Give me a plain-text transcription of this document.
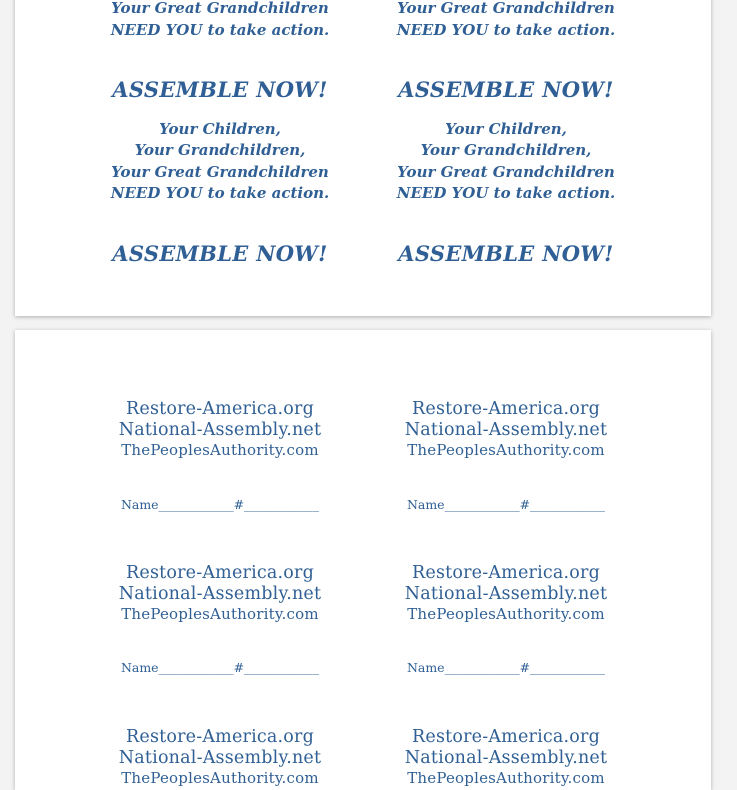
Your Great Grandchildren
NEED YOU to take action.
ASSEMBLE NOW!
Your Great Grandchildren
NEED YOU to take action.
ASSEMBLE NOW!
Your Children,
Your Grandchildren,
Your Great Grandchildren
NEED YOU to take action.
ASSEMBLE NOW!
Your Children,
Your Grandchildren,
Your Great Grandchildren
NEED YOU to take action.
ASSEMBLE NOW!
Restore-America.org
National-Assembly.net
ThePeoplesAuthority.com
Name____________#____________
Restore-America.org
National-Assembly.net
ThePeoplesAuthority.com
Name____________#____________
Restore-America.org
National-Assembly.net
ThePeoplesAuthority.com
Name____________#____________
Restore-America.org
National-Assembly.net
ThePeoplesAuthority.com
Name____________#____________
Restore-America.org
National-Assembly.net
ThePeoplesAuthority.com
Restore-America.org
National-Assembly.net
ThePeoplesAuthority.com
